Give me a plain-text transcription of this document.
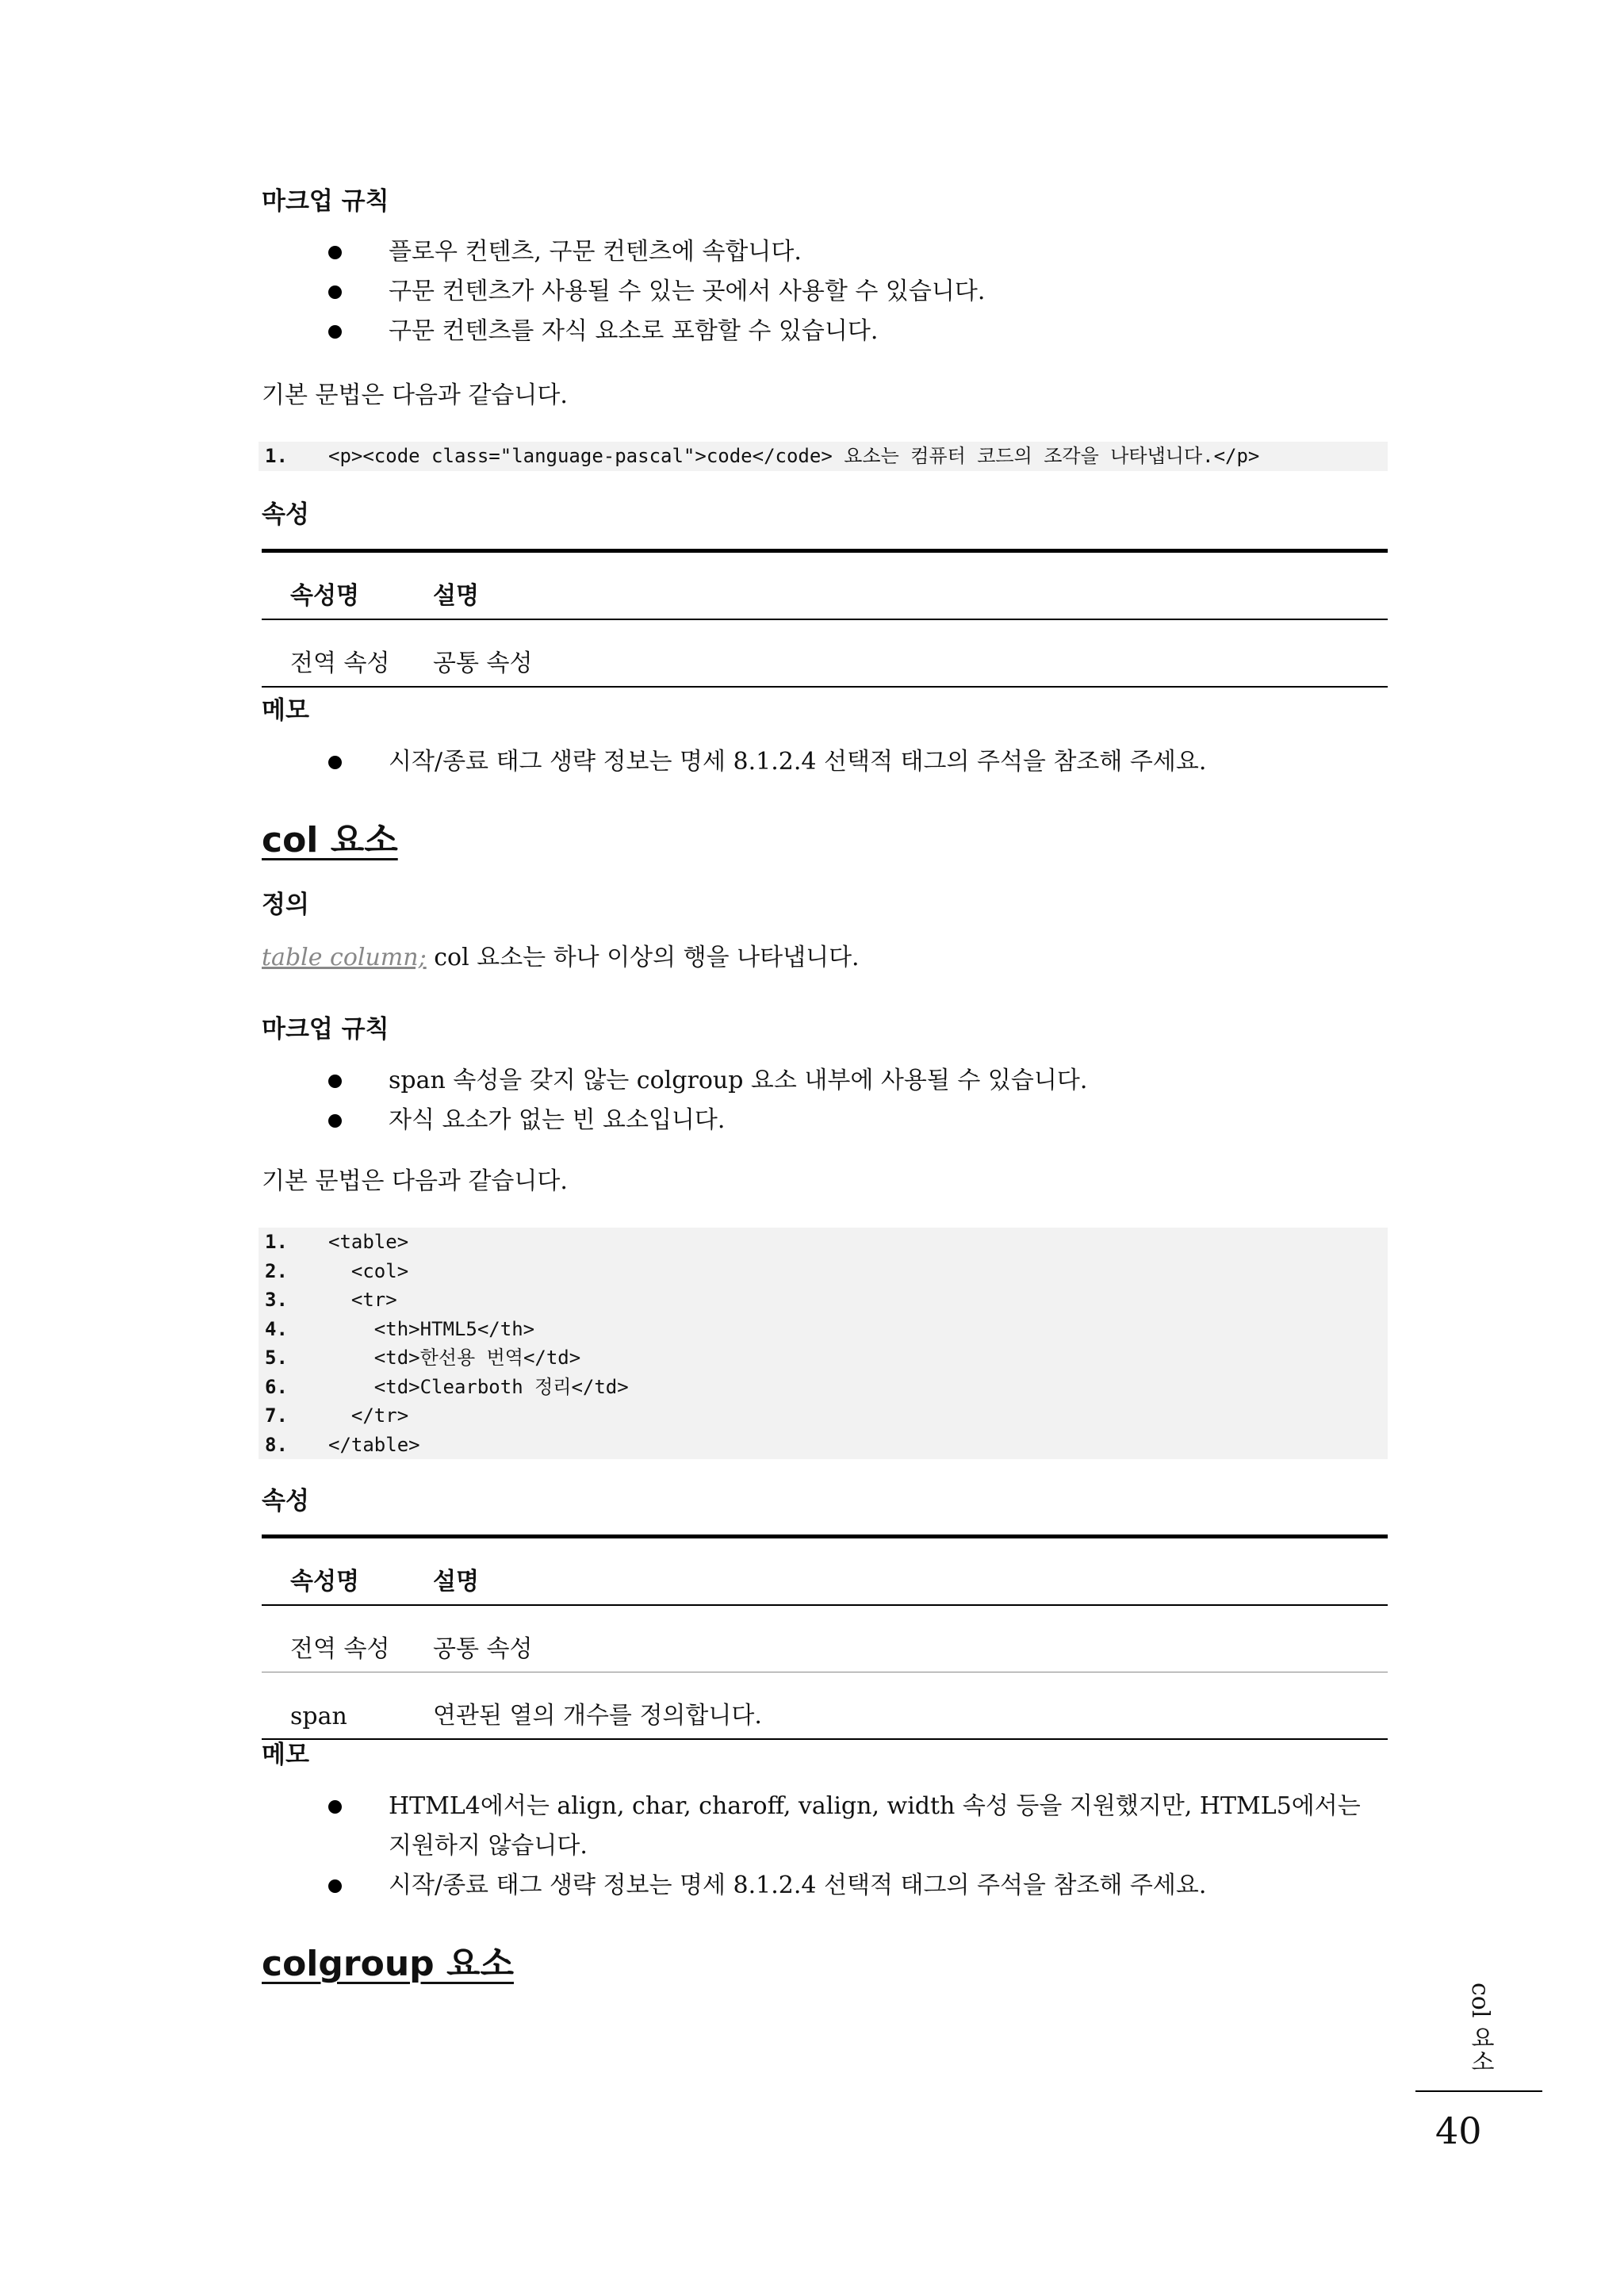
마크업 규칙
플로우 컨텐츠, 구문 컨텐츠에 속합니다.
구문 컨텐츠가 사용될 수 있는 곳에서 사용할 수 있습니다.
구문 컨텐츠를 자식 요소로 포함할 수 있습니다.

기본 문법은 다음과 같습니다.

1. <p><code class="language-pascal">code</code> 요소는 컴퓨터 코드의 조각을 나타냅니다.</p>
속성
속성명	설명
전역 속성	공통 속성
메모
시작/종료 태그 생략 정보는 명세 8.1.2.4 선택적 태그의 주석을 참조해 주세요.
col 요소
정의

table column; col 요소는 하나 이상의 행을 나타냅니다.

마크업 규칙
span 속성을 갖지 않는 colgroup 요소 내부에 사용될 수 있습니다.
자식 요소가 없는 빈 요소입니다.

기본 문법은 다음과 같습니다.

1. <table>
2.  <col>
3.  <tr>
4.    <th>HTML5</th>
5.    <td>한선용 번역</td>
6.    <td>Clearboth 정리</td>
7.  </tr>
8. </table>
속성
속성명	설명
전역 속성	공통 속성
span	연관된 열의 개수를 정의합니다.
메모
HTML4에서는 align, char, charoff, valign, width 속성 등을 지원했지만, HTML5에서는 지원하지 않습니다.
시작/종료 태그 생략 정보는 명세 8.1.2.4 선택적 태그의 주석을 참조해 주세요.
colgroup 요소
col 요소
40
